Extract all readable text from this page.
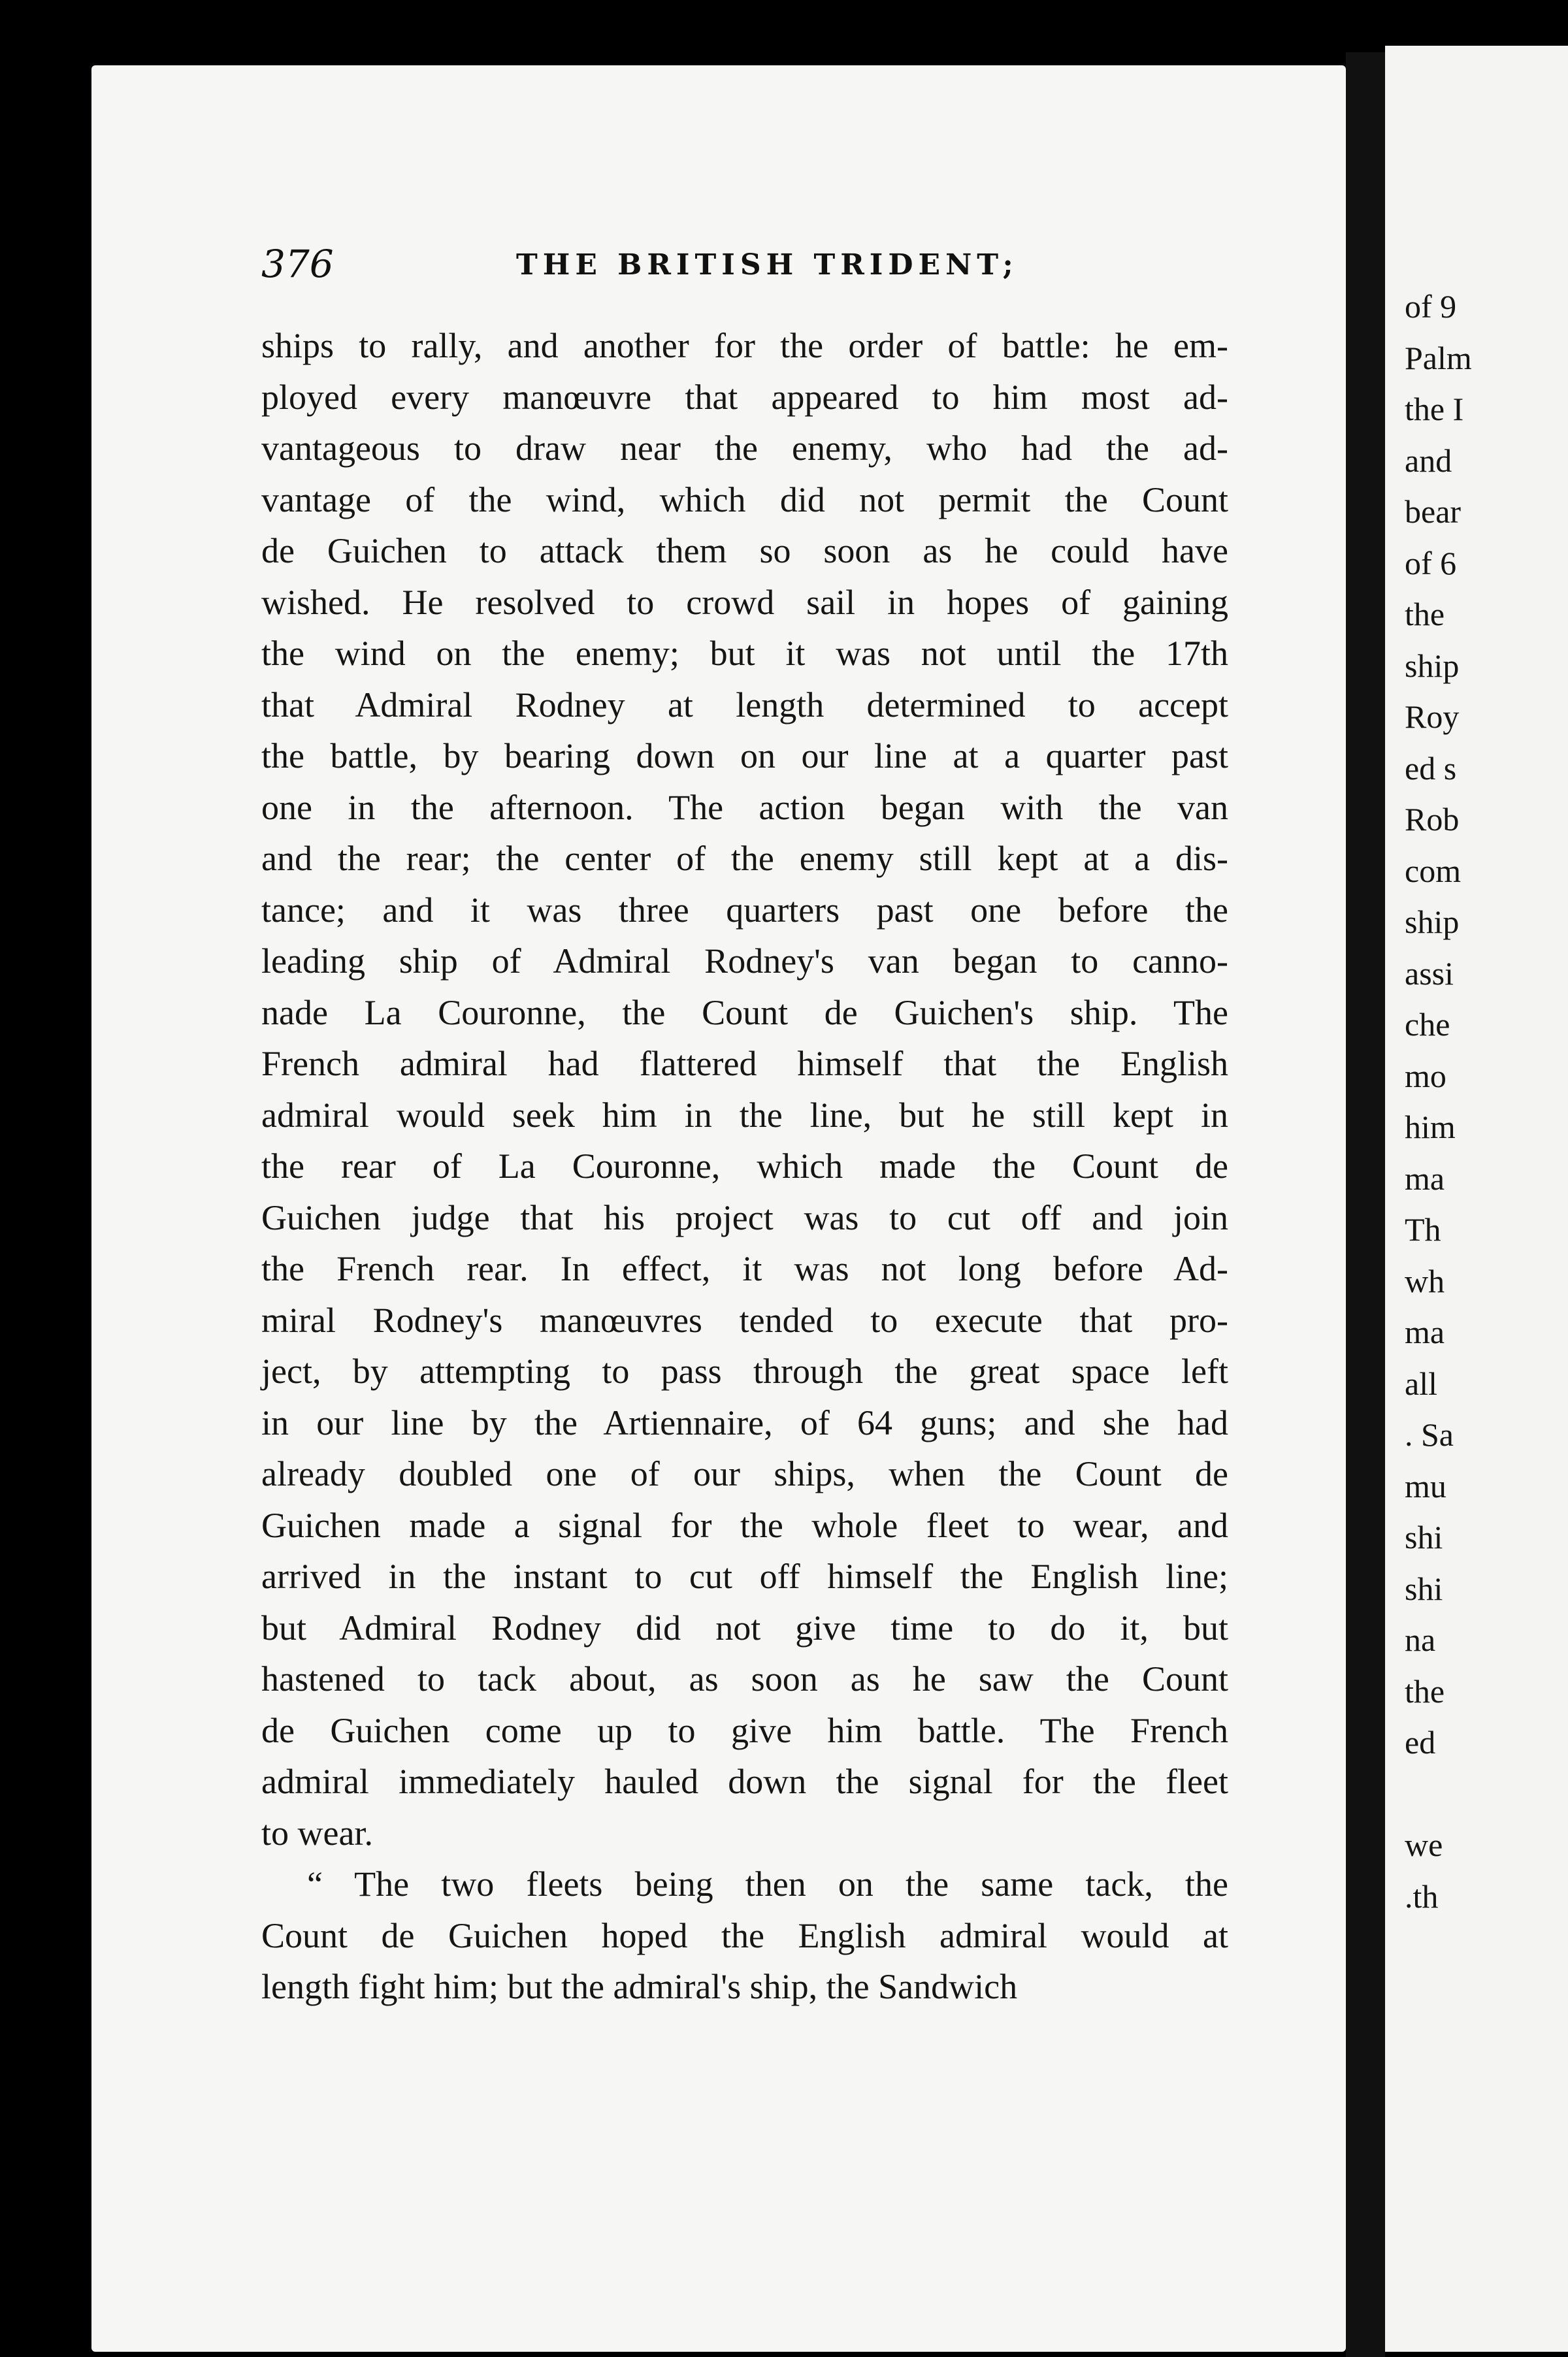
376	THE BRITISH TRIDENT;
ships to rally, and another for the order of battle: he em-
ployed every manœuvre that appeared to him most ad-
vantageous to draw near the enemy, who had the ad-
vantage of the wind, which did not permit the Count
de Guichen to attack them so soon as he could have
wished. He resolved to crowd sail in hopes of gaining
the wind on the enemy; but it was not until the 17th
that Admiral Rodney at length determined to accept
the battle, by bearing down on our line at a quarter past
one in the afternoon. The action began with the van
and the rear; the center of the enemy still kept at a dis-
tance; and it was three quarters past one before the
leading ship of Admiral Rodney's van began to canno-
nade La Couronne, the Count de Guichen's ship. The
French admiral had flattered himself that the English
admiral would seek him in the line, but he still kept in
the rear of La Couronne, which made the Count de
Guichen judge that his project was to cut off and join
the French rear. In effect, it was not long before Ad-
miral Rodney's manœuvres tended to execute that pro-
ject, by attempting to pass through the great space left
in our line by the Artiennaire, of 64 guns; and she had
already doubled one of our ships, when the Count de
Guichen made a signal for the whole fleet to wear, and
arrived in the instant to cut off himself the English line;
but Admiral Rodney did not give time to do it, but
hastened to tack about, as soon as he saw the Count
de Guichen come up to give him battle. The French
admiral immediately hauled down the signal for the fleet
to wear.
“ The two fleets being then on the same tack, the
Count de Guichen hoped the English admiral would at
length fight him; but the admiral's ship, the Sandwich
of 9
Palm
the I
and
bear
of 6
the
ship
Roy
ed s
Rob
com
ship
assi
che
mo
him
ma
Th
wh
ma
all
. Sa
mu
shi
shi
na
the
ed
we
.th
